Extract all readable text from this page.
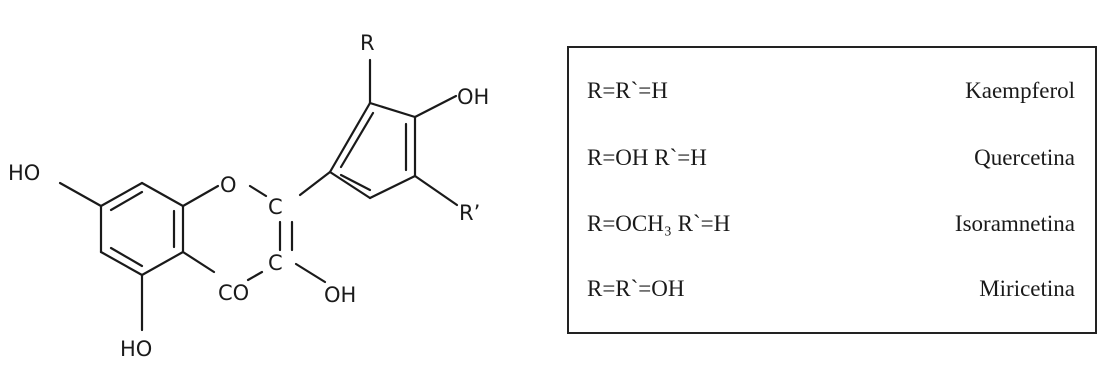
R
OH
HO	O
C
C
R’
CO	OH
HO
R=R`=H	Kaempferol
R=OH R`=H	Quercetina
R=OCH₃ R`=H	Isoramnetina
R=R`=OH	Miricetina
